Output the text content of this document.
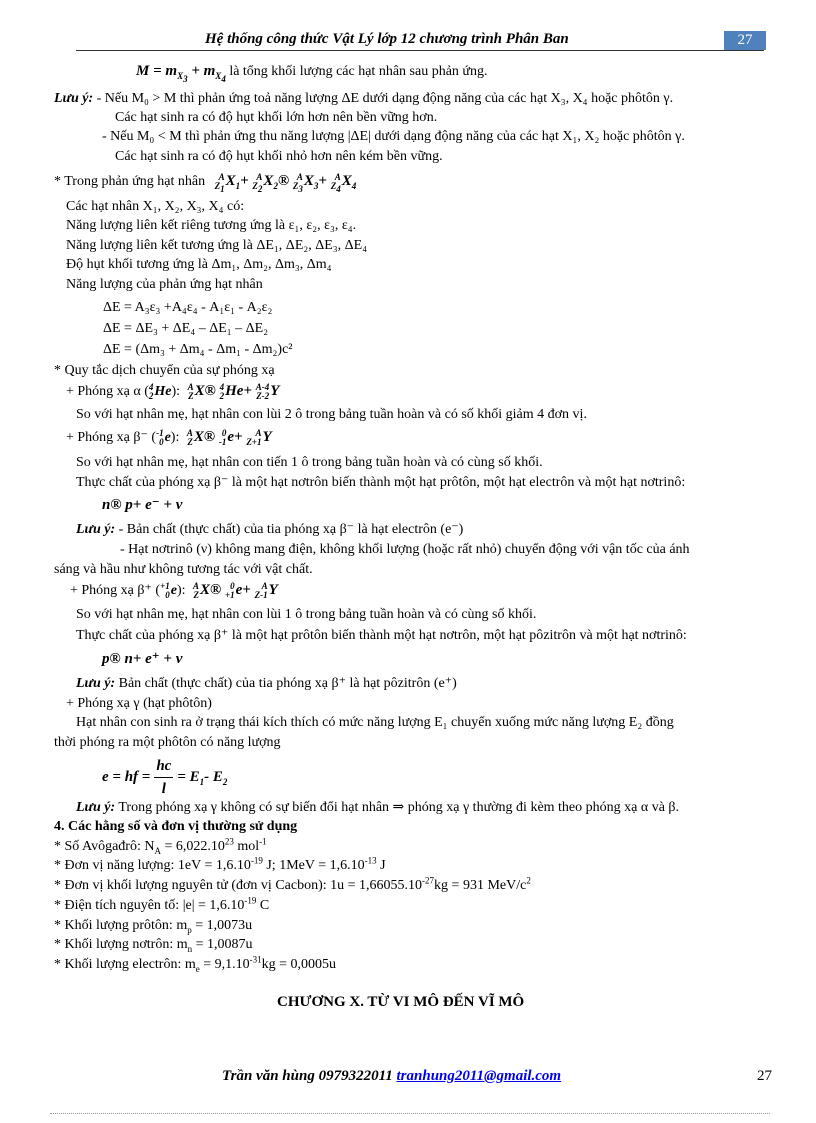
Hệ thống công thức Vật Lý lớp 12 chương trình Phân Ban	27
$M = m_{X_3} + m_{X_4}$ là tổng khối lượng các hạt nhân sau phản ứng.
Lưu ý: - Nếu M₀ > M thì phản ứng toả năng lượng ΔE dưới dạng động năng của các hạt X₃, X₄ hoặc phôtôn γ.
Các hạt sinh ra có độ hụt khối lớn hơn nên bền vững hơn.
- Nếu M₀ < M thì phản ứng thu năng lượng |ΔE| dưới dạng động năng của các hạt X₁, X₂ hoặc phôtôn γ.
Các hạt sinh ra có độ hụt khối nhỏ hơn nên kém bền vững.
* Trong phản ứng hạt nhân A
$Z_1X_1+ A$
$Z_2X_2®$ A
$Z_3X_3+ A$
$Z_4X_4$
Các hạt nhân X₁, X₂, X₃, X₄ có:
Năng lượng liên kết riêng tương ứng là ε₁, ε₂, ε₃, ε₄.
Năng lượng liên kết tương ứng là ΔE₁, ΔE₂, ΔE₃, ΔE₄
Độ hụt khối tương ứng là Δm₁, Δm₂, Δm₃, Δm₄
Năng lượng của phản ứng hạt nhân
ΔE = A₃ε₃ +A₄ε₄ - A₁ε₁ - A₂ε₂
ΔE = ΔE₃ + ΔE₄ – ΔE₁ – ΔE₂
ΔE = (Δm₃ + Δm₄ - Δm₁ - Δm₂)c²
* Quy tắc dịch chuyển của sự phóng xạ
+ Phóng xạ α (4
2He): A
ZX® 4
2He+ A-4
Z-2Y
So với hạt nhân mẹ, hạt nhân con lùi 2 ô trong bảng tuần hoàn và có số khối giảm 4 đơn vị.
+ Phóng xạ β⁻ (-1
0e): A
ZX® 0
-1e+ A
Z+1Y
So với hạt nhân mẹ, hạt nhân con tiến 1 ô trong bảng tuần hoàn và có cùng số khối.
Thực chất của phóng xạ β⁻ là một hạt nơtrôn biến thành một hạt prôtôn, một hạt electrôn và một hạt nơtrinô:
n® p+ e⁻ + ν
Lưu ý: - Bản chất (thực chất) của tia phóng xạ β⁻ là hạt electrôn (e⁻)
- Hạt nơtrinô (ν) không mang điện, không khối lượng (hoặc rất nhỏ) chuyển động với vận tốc của ánh
sáng và hầu như không tương tác với vật chất.
+ Phóng xạ β⁺ (+1
0e): A
ZX® 0
+1e+ A
Z-1Y
So với hạt nhân mẹ, hạt nhân con lùi 1 ô trong bảng tuần hoàn và có cùng số khối.
Thực chất của phóng xạ β⁺ là một hạt prôtôn biến thành một hạt nơtrôn, một hạt pôzitrôn và một hạt nơtrinô:
p® n+ e⁺ + ν
Lưu ý: Bản chất (thực chất) của tia phóng xạ β⁺ là hạt pôzitrôn (e⁺)
+ Phóng xạ γ (hạt phôtôn)
Hạt nhân con sinh ra ở trạng thái kích thích có mức năng lượng E₁ chuyển xuống mức năng lượng E₂ đồng
thời phóng ra một phôtôn có năng lượng
e = hf = $\frac{hc}{l} = E_1-$ $E_2$
Lưu ý: Trong phóng xạ γ không có sự biến đổi hạt nhân ⇒ phóng xạ γ thường đi kèm theo phóng xạ α và β.
4. Các hằng số và đơn vị thường sử dụng
* Số Avôgađrô: $N_A = 6,022.10^{23}$ mol$^{-1}$
* Đơn vị năng lượng: $1eV = 1,6.10^{-19}$ J; $1MeV = 1,6.10^{-13}$ J
* Đơn vị khối lượng nguyên tử (đơn vị Cacbon): $1u = 1,66055.10^{-27}kg = 931$ MeV/$c^2$
* Điện tích nguyên tố: $|e| = 1,6.10^{-19}$ C
* Khối lượng prôtôn: $m_p = 1,0073u$
* Khối lượng nơtrôn: $m_n = 1,0087u$
* Khối lượng electrôn: $m_e = 9,1.10^{-31}kg = 0,0005u$
CHƯƠNG X. TỪ VI MÔ ĐẾN VĨ MÔ
Trần văn hùng 0979322011 tranhung2011@gmail.com	27
